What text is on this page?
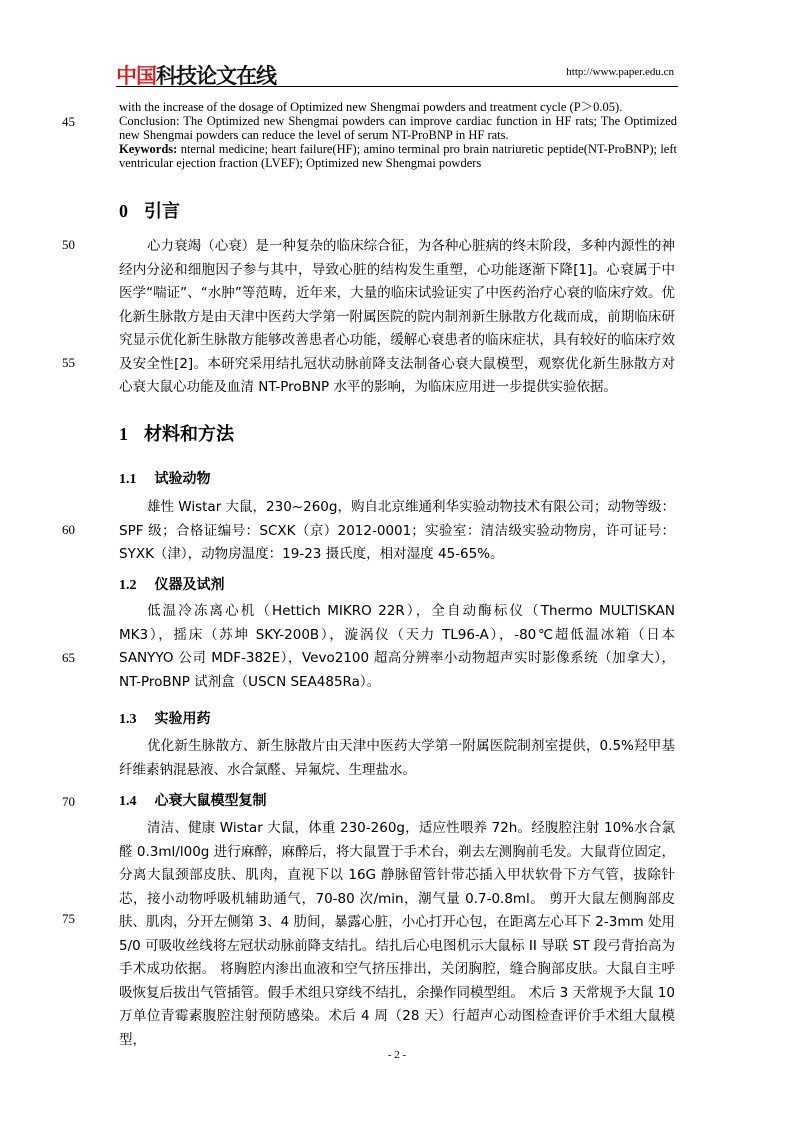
中国科技论文在线	http://www.paper.edu.cn
45
50
55
60
65
70
75

with the increase of the dosage of Optimized new Shengmai powders and treatment cycle (P＞0.05).

Conclusion: The Optimized new Shengmai powders can improve cardiac function in HF rats; The Optimized new Shengmai powders can reduce the level of serum NT-ProBNP in HF rats.

Keywords: nternal medicine; heart failure(HF); amino terminal pro brain natriuretic peptide(NT-ProBNP); left ventricular ejection fraction (LVEF); Optimized new Shengmai powders

0 引言

心力衰竭（心衰）是一种复杂的临床综合征，为各种心脏病的终末阶段，多种内源性的神经内分泌和细胞因子参与其中，导致心脏的结构发生重塑，心功能逐渐下降[1]。心衰属于中医学“喘证”、“水肿”等范畴，近年来，大量的临床试验证实了中医药治疗心衰的临床疗效。优化新生脉散方是由天津中医药大学第一附属医院的院内制剂新生脉散方化裁而成，前期临床研究显示优化新生脉散方能够改善患者心功能，缓解心衰患者的临床症状，具有较好的临床疗效及安全性[2]。本研究采用结扎冠状动脉前降支法制备心衰大鼠模型，观察优化新生脉散方对心衰大鼠心功能及血清 NT-ProBNP 水平的影响，为临床应用进一步提供实验依据。

1 材料和方法
1.1 试验动物

雄性 Wistar 大鼠，230~260g，购自北京维通利华实验动物技术有限公司；动物等级：SPF 级；合格证编号：SCXK（京）2012-0001；实验室：清洁级实验动物房，许可证号：SYXK（津），动物房温度：19-23 摄氏度，相对湿度 45-65%。

1.2 仪器及试剂

低温冷冻离心机（Hettich MIKRO 22R），全自动酶标仪（Thermo MULTISKAN MK3），摇床（苏坤 SKY-200B），漩涡仪（天力 TL96-A），-80℃超低温冰箱（日本 SANYYO 公司 MDF-382E），Vevo2100 超高分辨率小动物超声实时影像系统（加拿大），NT-ProBNP 试剂盒（USCN SEA485Ra）。

1.3 实验用药

优化新生脉散方、新生脉散片由天津中医药大学第一附属医院制剂室提供，0.5%羟甲基纤维素钠混悬液、水合氯醛、异氟烷、生理盐水。

1.4 心衰大鼠模型复制

清洁、健康 Wistar 大鼠，体重 230-260g，适应性喂养 72h。经腹腔注射 10%水合氯醛 0.3ml/l00g 进行麻醉，麻醉后，将大鼠置于手术台，剃去左测胸前毛发。大鼠背位固定，分离大鼠颈部皮肤、肌肉，直视下以 16G 静脉留管针带芯插入甲状软骨下方气管，拔除针芯，接小动物呼吸机辅助通气，70-80 次/min，潮气量 0.7-0.8ml。 剪开大鼠左侧胸部皮肤、肌肉，分开左侧第 3、4 肋间，暴露心脏，小心打开心包，在距离左心耳下 2-3mm 处用 5/0 可吸收丝线将左冠状动脉前降支结扎。结扎后心电图机示大鼠标 II 导联 ST 段弓背抬高为手术成功依据。 将胸腔内渗出血液和空气挤压排出，关闭胸腔，缝合胸部皮肤。大鼠自主呼吸恢复后拔出气管插管。假手术组只穿线不结扎，余操作同模型组。 术后 3 天常规予大鼠 10 万单位青霉素腹腔注射预防感染。术后 4 周（28 天）行超声心动图检查评价手术组大鼠模型，

- 2 -
